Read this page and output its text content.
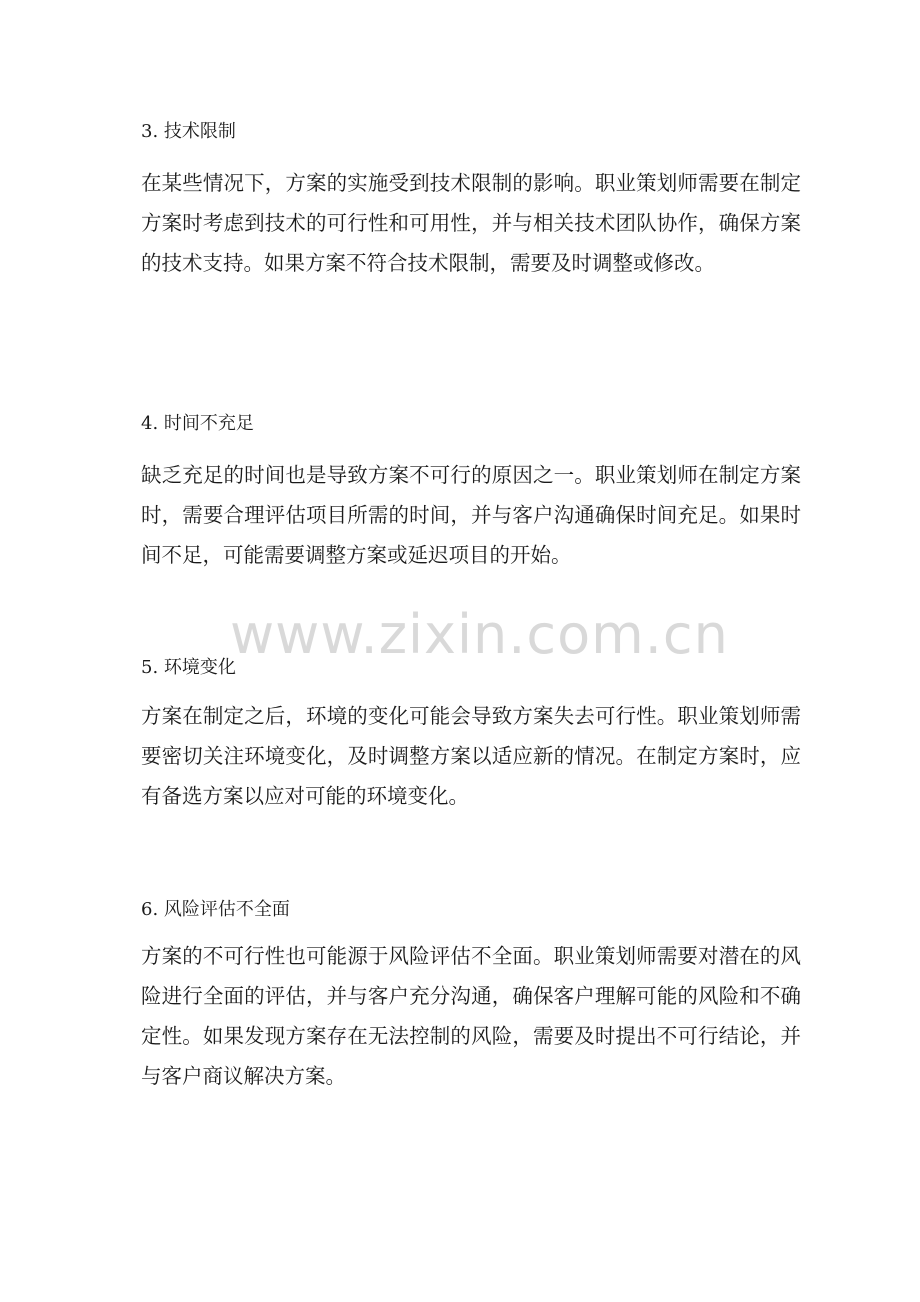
3. 技术限制

在某些情况下，方案的实施受到技术限制的影响。职业策划师需要在制定方案时考虑到技术的可行性和可用性，并与相关技术团队协作，确保方案的技术支持。如果方案不符合技术限制，需要及时调整或修改。

4. 时间不充足

缺乏充足的时间也是导致方案不可行的原因之一。职业策划师在制定方案时，需要合理评估项目所需的时间，并与客户沟通确保时间充足。如果时间不足，可能需要调整方案或延迟项目的开始。

www.zixin.com.cn
5. 环境变化

方案在制定之后，环境的变化可能会导致方案失去可行性。职业策划师需要密切关注环境变化，及时调整方案以适应新的情况。在制定方案时，应有备选方案以应对可能的环境变化。

6. 风险评估不全面

方案的不可行性也可能源于风险评估不全面。职业策划师需要对潜在的风险进行全面的评估，并与客户充分沟通，确保客户理解可能的风险和不确定性。如果发现方案存在无法控制的风险，需要及时提出不可行结论，并与客户商议解决方案。
